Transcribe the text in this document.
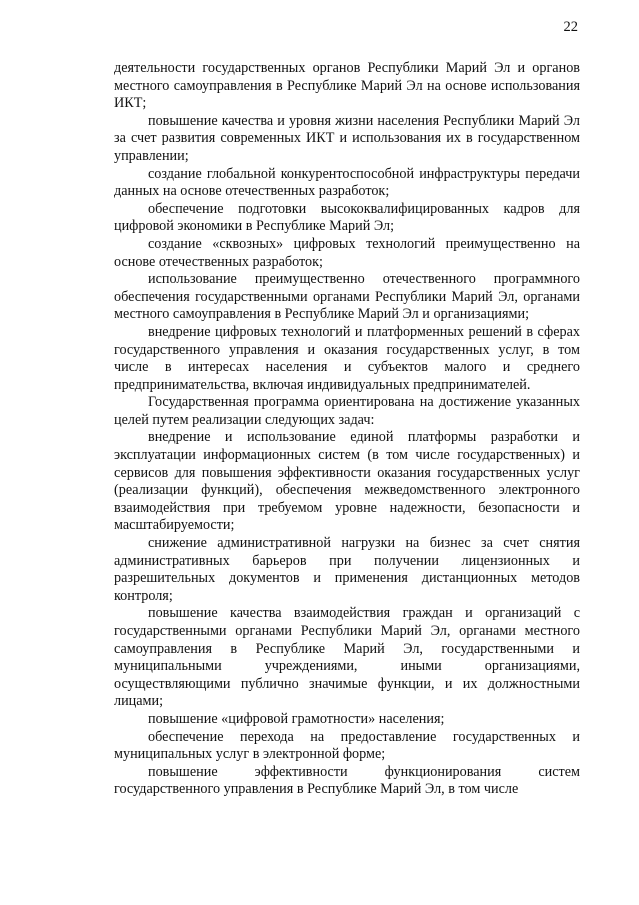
22

деятельности государственных органов Республики Марий Эл и органов местного самоуправления в Республике Марий Эл на основе использования ИКТ;

повышение качества и уровня жизни населения Республики Марий Эл за счет развития современных ИКТ и использования их в государственном управлении;

создание глобальной конкурентоспособной инфраструктуры передачи данных на основе отечественных разработок;

обеспечение подготовки высококвалифицированных кадров для цифровой экономики в Республике Марий Эл;

создание «сквозных» цифровых технологий преимущественно на основе отечественных разработок;

использование преимущественно отечественного программного обеспечения государственными органами Республики Марий Эл, органами местного самоуправления в Республике Марий Эл и организациями;

внедрение цифровых технологий и платформенных решений в сферах государственного управления и оказания государственных услуг, в том числе в интересах населения и субъектов малого и среднего предпринимательства, включая индивидуальных предпринимателей.

Государственная программа ориентирована на достижение указанных целей путем реализации следующих задач:

внедрение и использование единой платформы разработки и эксплуатации информационных систем (в том числе государственных) и сервисов для повышения эффективности оказания государственных услуг (реализации функций), обеспечения межведомственного электронного взаимодействия при требуемом уровне надежности, безопасности и масштабируемости;

снижение административной нагрузки на бизнес за счет снятия административных барьеров при получении лицензионных и разрешительных документов и применения дистанционных методов контроля;

повышение качества взаимодействия граждан и организаций с государственными органами Республики Марий Эл, органами местного самоуправления в Республике Марий Эл, государственными и муниципальными учреждениями, иными организациями, осуществляющими публично значимые функции, и их должностными лицами;

повышение «цифровой грамотности» населения;

обеспечение перехода на предоставление государственных и муниципальных услуг в электронной форме;

повышение эффективности функционирования систем государственного управления в Республике Марий Эл, в том числе
